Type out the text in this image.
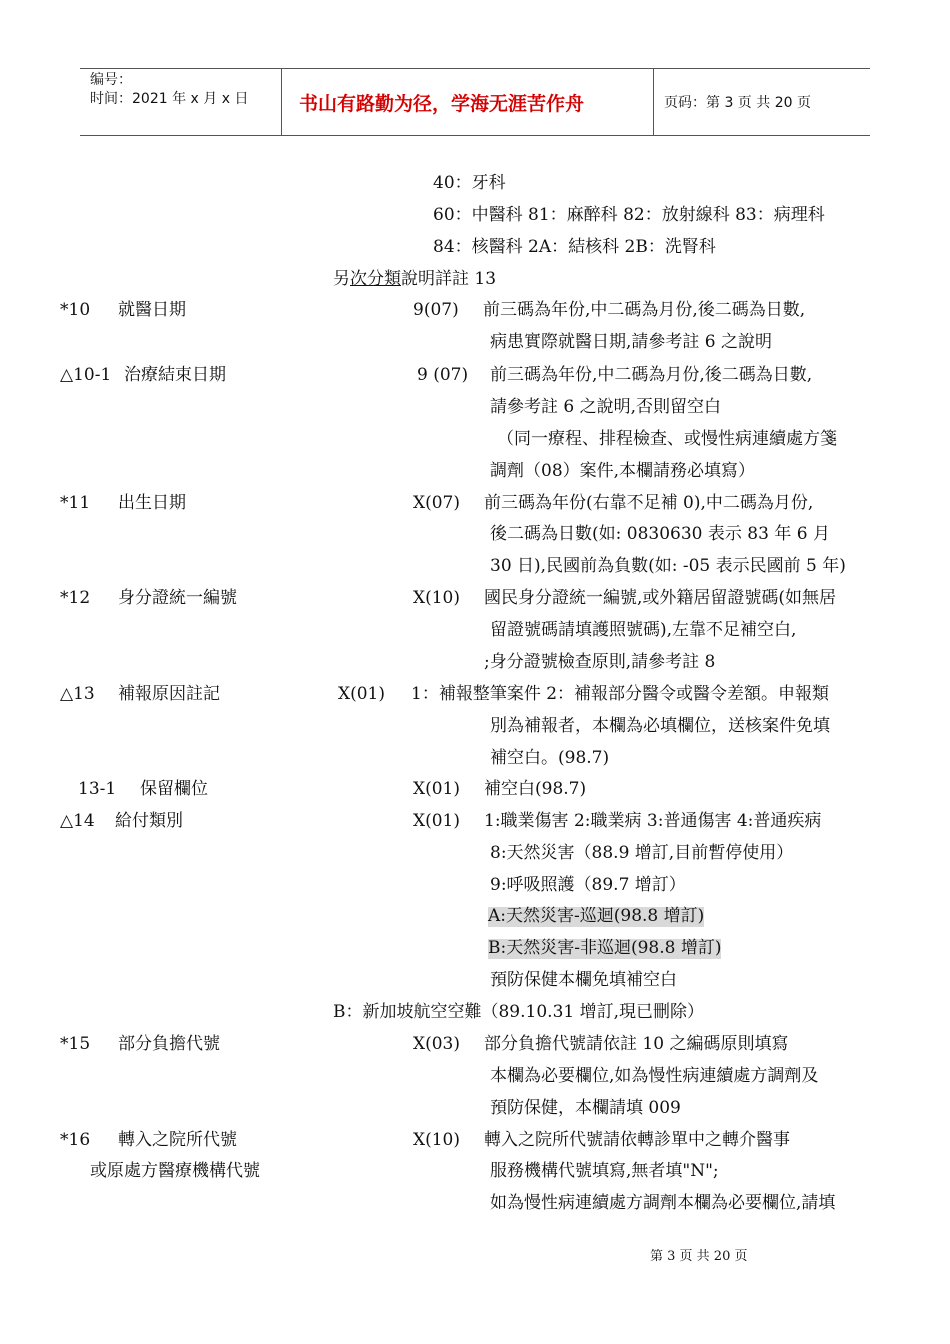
编号：
时间：2021 年 x 月 x 日	书山有路勤为径，学海无涯苦作舟	页码：第 3 页 共 20 页
40：牙科
60：中醫科 81：麻醉科 82：放射線科 83：病理科
84：核醫科 2A：結核科 2B：洗腎科
另次分類說明詳註 13
*10 就醫日期	9(07) 前三碼為年份,中二碼為月份,後二碼為日數,
病患實際就醫日期,請參考註 6 之說明
△10-1 治療結束日期	9 (07) 前三碼為年份,中二碼為月份,後二碼為日數,
請參考註 6 之說明,否則留空白
（同一療程、排程檢查、或慢性病連續處方箋
調劑（08）案件,本欄請務必填寫）
*11 出生日期	X(07) 前三碼為年份(右靠不足補 0),中二碼為月份,
後二碼為日數(如: 0830630 表示 83 年 6 月
30 日),民國前為負數(如: -05 表示民國前 5 年)
*12 身分證統一編號	X(10) 國民身分證統一編號,或外籍居留證號碼(如無居
留證號碼請填護照號碼),左靠不足補空白,
;身分證號檢查原則,請參考註 8
△13 補報原因註記	X(01) 1：補報整筆案件 2：補報部分醫令或醫令差額。申報類
別為補報者，本欄為必填欄位，送核案件免填
補空白。(98.7)
13-1 保留欄位	X(01) 補空白(98.7)
△14 給付類別	X(01) 1:職業傷害 2:職業病 3:普通傷害 4:普通疾病
8:天然災害（88.9 增訂,目前暫停使用）
9:呼吸照護（89.7 增訂）
A:天然災害-巡迴(98.8 增訂)
B:天然災害-非巡迴(98.8 增訂)
預防保健本欄免填補空白
B：新加坡航空空難（89.10.31 增訂,現已刪除）
*15 部分負擔代號	X(03) 部分負擔代號請依註 10 之編碼原則填寫
本欄為必要欄位,如為慢性病連續處方調劑及
預防保健，本欄請填 009
*16 轉入之院所代號
或原處方醫療機構代號
X(10) 轉入之院所代號請依轉診單中之轉介醫事
服務機構代號填寫,無者填"N";
如為慢性病連續處方調劑本欄為必要欄位,請填
第 3 页 共 20 页
